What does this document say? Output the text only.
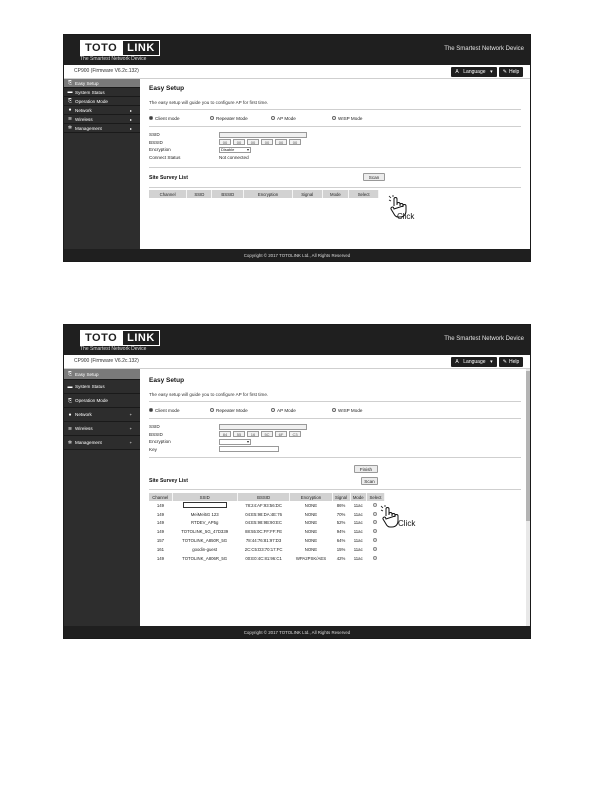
TOTO LINK
The Smartest Network Device
The Smartest Network Device
CP900 (Firmware V6.2c.132)	A Language ▾ ✎ Help
⎘ Easy Setup
▬ System Status
⎘ Operation Mode
● Network	▸
≋ Wireless	▸
✲ Management	▸
Easy Setup
The easy setup will guide you to configure AP for first time.
Client mode	Repeater Mode	AP Mode	WISP Mode
SSID
BSSID	00	00	00	00	00	00
Encryption	Disable	▾
Connect Status	Not connected
Site Survey List	Scan
Channel	SSID	BSSID	Encryption	Signal	Mode	Select
Copyright © 2017 TOTOLINK Ltd., All Rights Reserved
Click
TOTO LINK
The Smartest Network Device
The Smartest Network Device
CP900 (Firmware V6.2c.132)	A Language ▾ ✎ Help
⎘ Easy Setup
▬ System Status
⎘ Operation Mode
● Network	+
≋ Wireless	+
✲ Management	+
Easy Setup
The easy setup will guide you to configure AP for first time.
Client mode	Repeater Mode	AP Mode	WISP Mode
SSID
BSSID	84	55	16	5C	6F	C3
Encryption	▾
Key
Finish
Site Survey List	Scan
Channel	SSID	BSSID	Encryption	Signal	Mode	Select
149		78:24:AF:93:56:DC	NONE	86%	11ac	
149	MeiMei5G 123	04:E5:98:DA:4E:76	NONE	70%	11ac	
149	RTDEV_AP5g	04:E5:98:9B:90:EC	NONE	52%	11ac	
149	TOTOLINK_5G_47D339	88:55:0C:FF:FF:FE	NONE	94%	11ac	
157	TOTOLINK_A850R_5G	78:44:76:81:97:D3	NONE	64%	11ac	
161	goodin-guest	2C:C5:D3:70:17:FC	NONE	15%	11ac	
149	TOTOLINK_A806R_5G	00:E0:4C:81:96:C1	WPA2PSK/AES	42%	11ac	
Copyright © 2017 TOTOLINK Ltd., All Rights Reserved
Click
